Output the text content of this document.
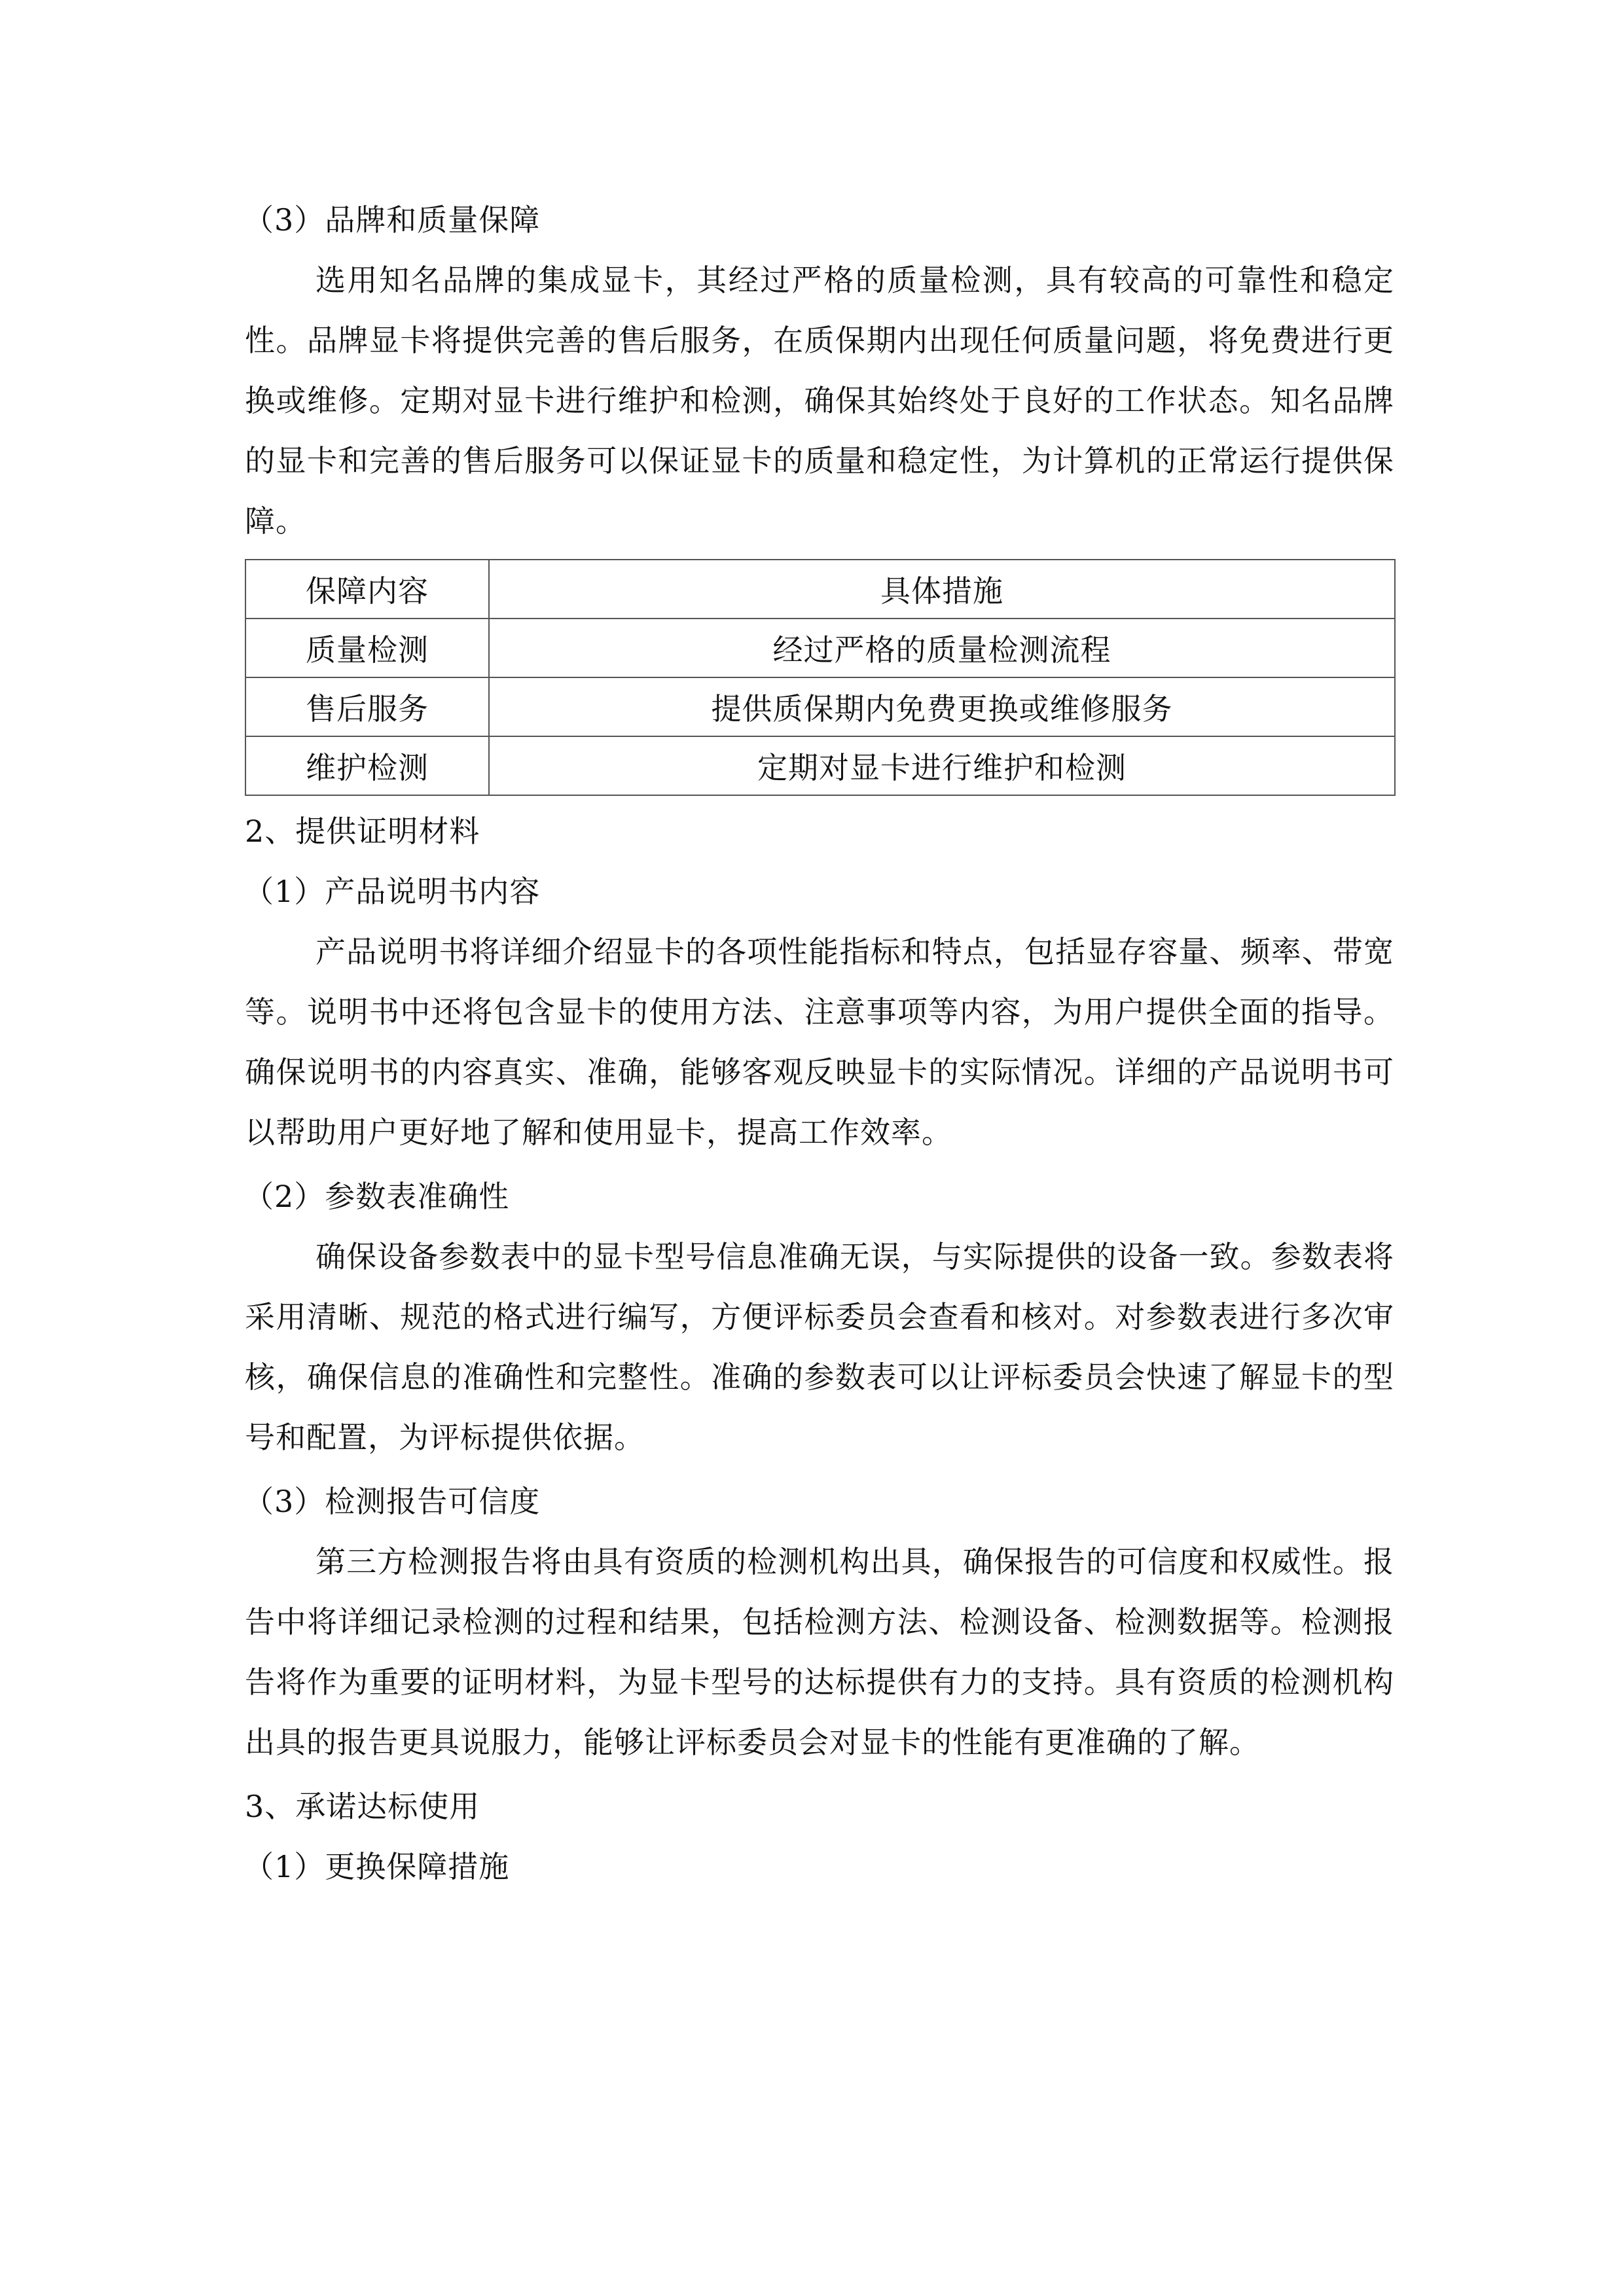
（3）品牌和质量保障

选用知名品牌的集成显卡，其经过严格的质量检测，具有较高的可靠性和稳定性。品牌显卡将提供完善的售后服务，在质保期内出现任何质量问题，将免费进行更换或维修。定期对显卡进行维护和检测，确保其始终处于良好的工作状态。知名品牌的显卡和完善的售后服务可以保证显卡的质量和稳定性，为计算机的正常运行提供保障。

保障内容	具体措施
质量检测	经过严格的质量检测流程
售后服务	提供质保期内免费更换或维修服务
维护检测	定期对显卡进行维护和检测
2、提供证明材料
（1）产品说明书内容

产品说明书将详细介绍显卡的各项性能指标和特点，包括显存容量、频率、带宽等。说明书中还将包含显卡的使用方法、注意事项等内容，为用户提供全面的指导。确保说明书的内容真实、准确，能够客观反映显卡的实际情况。详细的产品说明书可以帮助用户更好地了解和使用显卡，提高工作效率。

（2）参数表准确性

确保设备参数表中的显卡型号信息准确无误，与实际提供的设备一致。参数表将采用清晰、规范的格式进行编写，方便评标委员会查看和核对。对参数表进行多次审核，确保信息的准确性和完整性。准确的参数表可以让评标委员会快速了解显卡的型号和配置，为评标提供依据。

（3）检测报告可信度

第三方检测报告将由具有资质的检测机构出具，确保报告的可信度和权威性。报告中将详细记录检测的过程和结果，包括检测方法、检测设备、检测数据等。检测报告将作为重要的证明材料，为显卡型号的达标提供有力的支持。具有资质的检测机构出具的报告更具说服力，能够让评标委员会对显卡的性能有更准确的了解。

3、承诺达标使用
（1）更换保障措施
